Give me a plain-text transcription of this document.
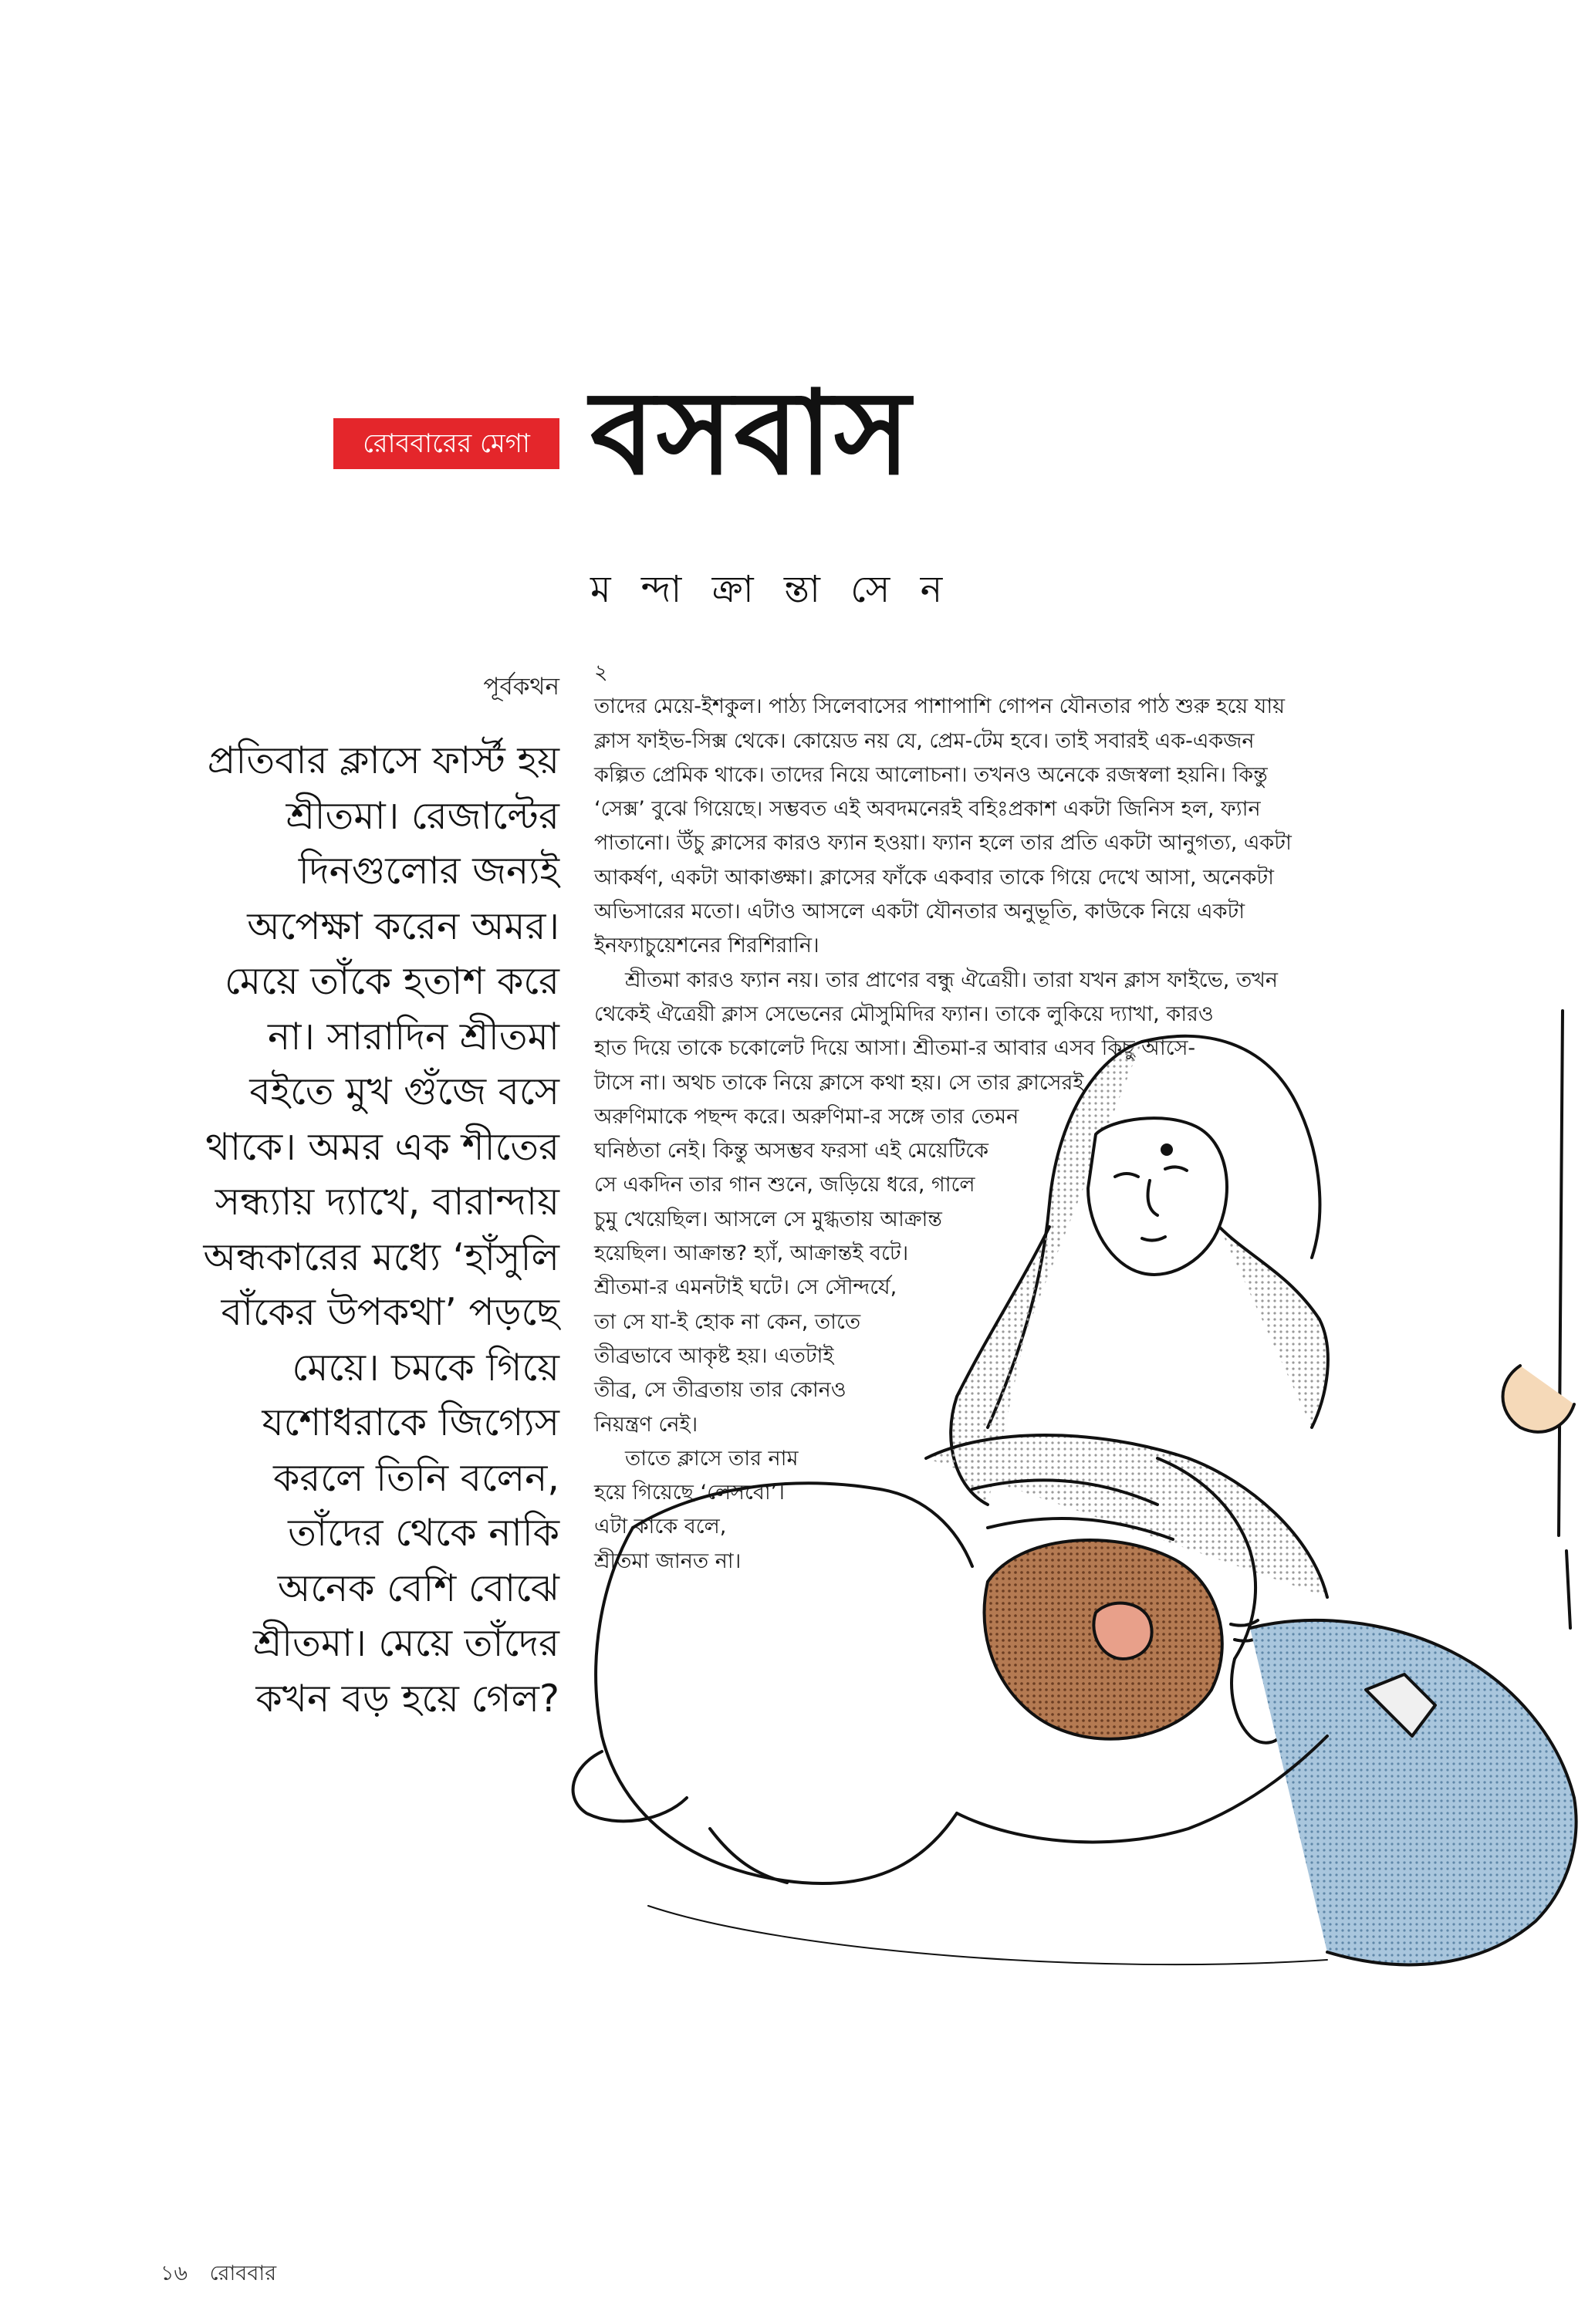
রোববারের মেগা বসবাস
ম ন্দা ক্রা ন্তা সে ন
পূর্বকথন
প্রতিবার ক্লাসে ফার্স্ট হয়
শ্রীতমা। রেজাল্টের
দিনগুলোর জন্যই
অপেক্ষা করেন অমর।
মেয়ে তাঁকে হতাশ করে
না। সারাদিন শ্রীতমা
বইতে মুখ গুঁজে বসে
থাকে। অমর এক শীতের
সন্ধ্যায় দ্যাখে, বারান্দায়
অন্ধকারের মধ্যে ‘হাঁসুলি
বাঁকের উপকথা’ পড়ছে
মেয়ে। চমকে গিয়ে
যশোধরাকে জিগ্যেস
করলে তিনি বলেন,
তাঁদের থেকে নাকি
অনেক বেশি বোঝে
শ্রীতমা। মেয়ে তাঁদের
কখন বড় হয়ে গেল?
২
তাদের মেয়ে-ইশকুল। পাঠ্য সিলেবাসের পাশাপাশি গোপন যৌনতার পাঠ শুরু হয়ে যায়
ক্লাস ফাইভ-সিক্স থেকে। কোয়েড নয় যে, প্রেম-টেম হবে। তাই সবারই এক-একজন
কল্পিত প্রেমিক থাকে। তাদের নিয়ে আলোচনা। তখনও অনেকে রজস্বলা হয়নি। কিন্তু
‘সেক্স’ বুঝে গিয়েছে। সম্ভবত এই অবদমনেরই বহিঃপ্রকাশ একটা জিনিস হল, ফ্যান
পাতানো। উঁচু ক্লাসের কারও ফ্যান হওয়া। ফ্যান হলে তার প্রতি একটা আনুগত্য, একটা
আকর্ষণ, একটা আকাঙ্ক্ষা। ক্লাসের ফাঁকে একবার তাকে গিয়ে দেখে আসা, অনেকটা
অভিসারের মতো। এটাও আসলে একটা যৌনতার অনুভূতি, কাউকে নিয়ে একটা
ইনফ্যাচুয়েশনের শিরশিরানি।
শ্রীতমা কারও ফ্যান নয়। তার প্রাণের বন্ধু ঐত্রেয়ী। তারা যখন ক্লাস ফাইভে, তখন
থেকেই ঐত্রেয়ী ক্লাস সেভেনের মৌসুমিদির ফ্যান। তাকে লুকিয়ে দ্যাখা, কারও
হাত দিয়ে তাকে চকোলেট দিয়ে আসা। শ্রীতমা-র আবার এসব কিছু আসে-
টাসে না। অথচ তাকে নিয়ে ক্লাসে কথা হয়। সে তার ক্লাসেরই
অরুণিমাকে পছন্দ করে। অরুণিমা-র সঙ্গে তার তেমন
ঘনিষ্ঠতা নেই। কিন্তু অসম্ভব ফরসা এই মেয়েটিকে
সে একদিন তার গান শুনে, জড়িয়ে ধরে, গালে
চুমু খেয়েছিল। আসলে সে মুগ্ধতায় আক্রান্ত
হয়েছিল। আক্রান্ত? হ্যাঁ, আক্রান্তই বটে।
শ্রীতমা-র এমনটাই ঘটে। সে সৌন্দর্যে,
তা সে যা-ই হোক না কেন, তাতে
তীব্রভাবে আকৃষ্ট হয়। এতটাই
তীব্র, সে তীব্রতায় তার কোনও
নিয়ন্ত্রণ নেই।
তাতে ক্লাসে তার নাম
হয়ে গিয়েছে ‘লেসবো’।
এটা কাকে বলে,
শ্রীতমা জানত না।
১৬ রোববার
